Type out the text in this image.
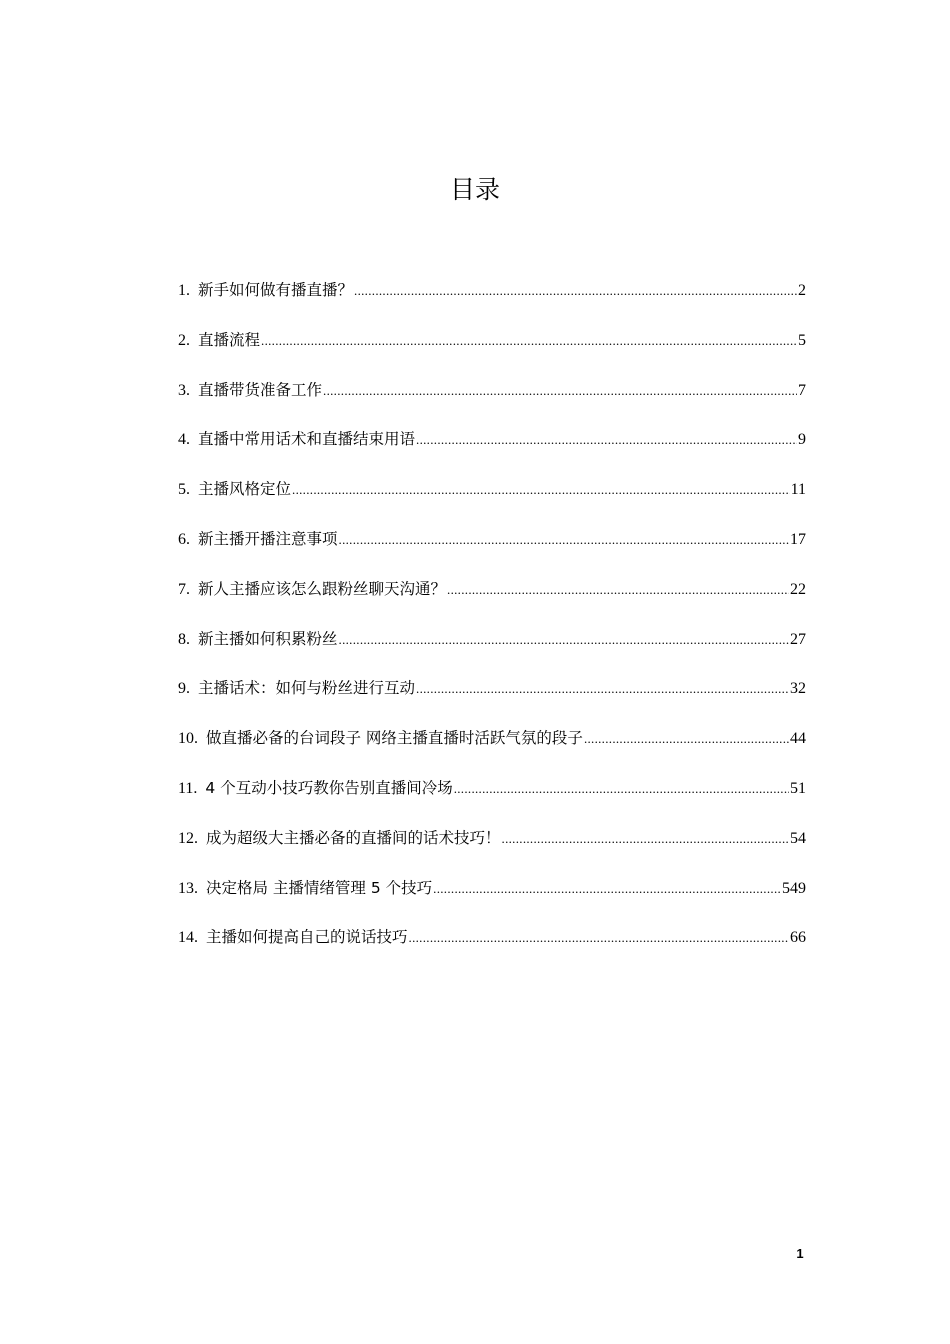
目录
1. 新手如何做有播直播？ .....	2
2. 直播流程 .....	5
3. 直播带货准备工作 .....	7
4. 直播中常用话术和直播结束用语 .....	9
5. 主播风格定位 .....	11
6. 新主播开播注意事项 .....	17
7. 新人主播应该怎么跟粉丝聊天沟通？ .....	22
8. 新主播如何积累粉丝 .....	27
9. 主播话术：如何与粉丝进行互动 .....	32
10. 做直播必备的台词段子 网络主播直播时活跃气氛的段子 .....	44
11. 4 个互动小技巧教你告别直播间冷场 .....	51
12. 成为超级大主播必备的直播间的话术技巧！ .....	54
13. 决定格局 主播情绪管理 5 个技巧 .....	549
14. 主播如何提高自己的说话技巧 .....	66
1
